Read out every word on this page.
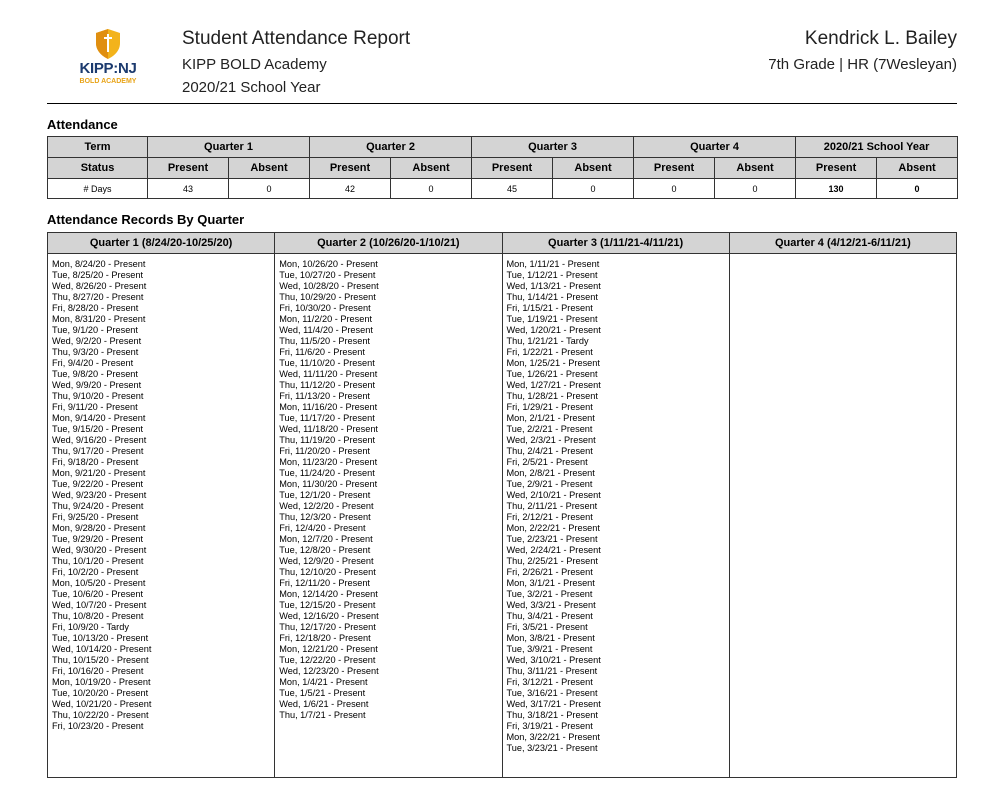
KIPP:NJ
BOLD ACADEMY
Student Attendance Report
KIPP BOLD Academy
2020/21 School Year
Kendrick L. Bailey
7th Grade | HR (7Wesleyan)
Attendance
Term	Quarter 1		Quarter 2		Quarter 3		Quarter 4		2020/21 School Year	
Status	Present	Absent	Present	Absent	Present	Absent	Present	Absent	Present	Absent
# Days	43	0	42	0	45	0	0	0	130	0
Attendance Records By Quarter
Quarter 1 (8/24/20-10/25/20)
Mon, 8/24/20 - Present
Tue, 8/25/20 - Present
Wed, 8/26/20 - Present
Thu, 8/27/20 - Present
Fri, 8/28/20 - Present
Mon, 8/31/20 - Present
Tue, 9/1/20 - Present
Wed, 9/2/20 - Present
Thu, 9/3/20 - Present
Fri, 9/4/20 - Present
Tue, 9/8/20 - Present
Wed, 9/9/20 - Present
Thu, 9/10/20 - Present
Fri, 9/11/20 - Present
Mon, 9/14/20 - Present
Tue, 9/15/20 - Present
Wed, 9/16/20 - Present
Thu, 9/17/20 - Present
Fri, 9/18/20 - Present
Mon, 9/21/20 - Present
Tue, 9/22/20 - Present
Wed, 9/23/20 - Present
Thu, 9/24/20 - Present
Fri, 9/25/20 - Present
Mon, 9/28/20 - Present
Tue, 9/29/20 - Present
Wed, 9/30/20 - Present
Thu, 10/1/20 - Present
Fri, 10/2/20 - Present
Mon, 10/5/20 - Present
Tue, 10/6/20 - Present
Wed, 10/7/20 - Present
Thu, 10/8/20 - Present
Fri, 10/9/20 - Tardy
Tue, 10/13/20 - Present
Wed, 10/14/20 - Present
Thu, 10/15/20 - Present
Fri, 10/16/20 - Present
Mon, 10/19/20 - Present
Tue, 10/20/20 - Present
Wed, 10/21/20 - Present
Thu, 10/22/20 - Present
Fri, 10/23/20 - Present
Quarter 2 (10/26/20-1/10/21)
Mon, 10/26/20 - Present
Tue, 10/27/20 - Present
Wed, 10/28/20 - Present
Thu, 10/29/20 - Present
Fri, 10/30/20 - Present
Mon, 11/2/20 - Present
Wed, 11/4/20 - Present
Thu, 11/5/20 - Present
Fri, 11/6/20 - Present
Tue, 11/10/20 - Present
Wed, 11/11/20 - Present
Thu, 11/12/20 - Present
Fri, 11/13/20 - Present
Mon, 11/16/20 - Present
Tue, 11/17/20 - Present
Wed, 11/18/20 - Present
Thu, 11/19/20 - Present
Fri, 11/20/20 - Present
Mon, 11/23/20 - Present
Tue, 11/24/20 - Present
Mon, 11/30/20 - Present
Tue, 12/1/20 - Present
Wed, 12/2/20 - Present
Thu, 12/3/20 - Present
Fri, 12/4/20 - Present
Mon, 12/7/20 - Present
Tue, 12/8/20 - Present
Wed, 12/9/20 - Present
Thu, 12/10/20 - Present
Fri, 12/11/20 - Present
Mon, 12/14/20 - Present
Tue, 12/15/20 - Present
Wed, 12/16/20 - Present
Thu, 12/17/20 - Present
Fri, 12/18/20 - Present
Mon, 12/21/20 - Present
Tue, 12/22/20 - Present
Wed, 12/23/20 - Present
Mon, 1/4/21 - Present
Tue, 1/5/21 - Present
Wed, 1/6/21 - Present
Thu, 1/7/21 - Present
Quarter 3 (1/11/21-4/11/21)
Mon, 1/11/21 - Present
Tue, 1/12/21 - Present
Wed, 1/13/21 - Present
Thu, 1/14/21 - Present
Fri, 1/15/21 - Present
Tue, 1/19/21 - Present
Wed, 1/20/21 - Present
Thu, 1/21/21 - Tardy
Fri, 1/22/21 - Present
Mon, 1/25/21 - Present
Tue, 1/26/21 - Present
Wed, 1/27/21 - Present
Thu, 1/28/21 - Present
Fri, 1/29/21 - Present
Mon, 2/1/21 - Present
Tue, 2/2/21 - Present
Wed, 2/3/21 - Present
Thu, 2/4/21 - Present
Fri, 2/5/21 - Present
Mon, 2/8/21 - Present
Tue, 2/9/21 - Present
Wed, 2/10/21 - Present
Thu, 2/11/21 - Present
Fri, 2/12/21 - Present
Mon, 2/22/21 - Present
Tue, 2/23/21 - Present
Wed, 2/24/21 - Present
Thu, 2/25/21 - Present
Fri, 2/26/21 - Present
Mon, 3/1/21 - Present
Tue, 3/2/21 - Present
Wed, 3/3/21 - Present
Thu, 3/4/21 - Present
Fri, 3/5/21 - Present
Mon, 3/8/21 - Present
Tue, 3/9/21 - Present
Wed, 3/10/21 - Present
Thu, 3/11/21 - Present
Fri, 3/12/21 - Present
Tue, 3/16/21 - Present
Wed, 3/17/21 - Present
Thu, 3/18/21 - Present
Fri, 3/19/21 - Present
Mon, 3/22/21 - Present
Tue, 3/23/21 - Present
Quarter 4 (4/12/21-6/11/21)
